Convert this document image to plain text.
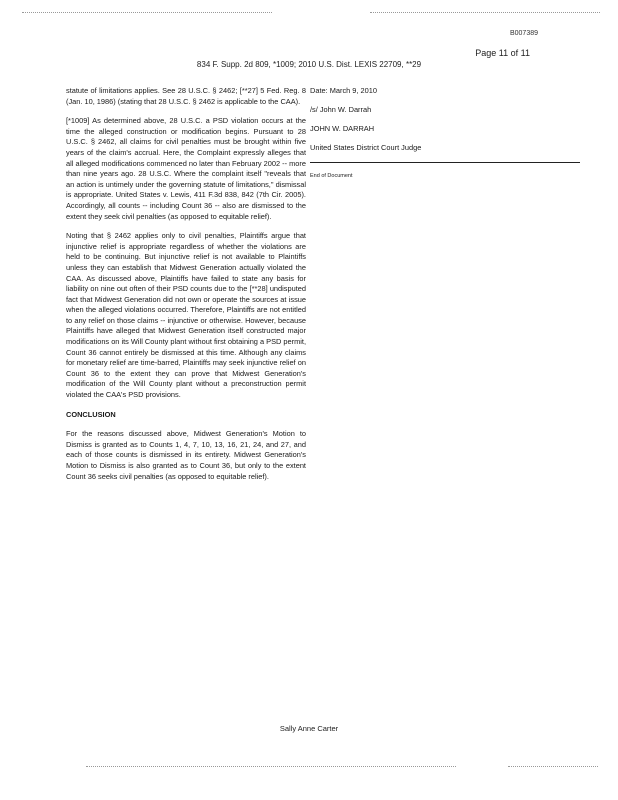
B007389
Page 11 of 11
834 F. Supp. 2d 809, *1009; 2010 U.S. Dist. LEXIS 22709, **29

statute of limitations applies. See 28 U.S.C. § 2462; [**27] 5 Fed. Reg. 8 (Jan. 10, 1986) (stating that 28 U.S.C. § 2462 is applicable to the CAA).

[*1009] As determined above, 28 U.S.C. a PSD violation occurs at the time the alleged construction or modification begins. Pursuant to 28 U.S.C. § 2462, all claims for civil penalties must be brought within five years of the claim's accrual. Here, the Complaint expressly alleges that all alleged modifications commenced no later than February 2002 -- more than nine years ago. 28 U.S.C. Where the complaint itself "reveals that an action is untimely under the governing statute of limitations," dismissal is appropriate. United States v. Lewis, 411 F.3d 838, 842 (7th Cir. 2005). Accordingly, all counts -- including Count 36 -- also are dismissed to the extent they seek civil penalties (as opposed to equitable relief).

Noting that § 2462 applies only to civil penalties, Plaintiffs argue that injunctive relief is appropriate regardless of whether the violations are held to be continuing. But injunctive relief is not available to Plaintiffs unless they can establish that Midwest Generation actually violated the CAA. As discussed above, Plaintiffs have failed to state any basis for liability on nine out often of their PSD counts due to the [**28] undisputed fact that Midwest Generation did not own or operate the sources at issue when the alleged violations occurred. Therefore, Plaintiffs are not entitled to any relief on those claims -- injunctive or otherwise. However, because Plaintiffs have alleged that Midwest Generation itself constructed major modifications on its Will County plant without first obtaining a PSD permit, Count 36 cannot entirely be dismissed at this time. Although any claims for monetary relief are time-barred, Plaintiffs may seek injunctive relief on Count 36 to the extent they can prove that Midwest Generation's modification of the Will County plant without a preconstruction permit violated the CAA's PSD provisions.

CONCLUSION

For the reasons discussed above, Midwest Generation's Motion to Dismiss is granted as to Counts 1, 4, 7, 10, 13, 16, 21, 24, and 27, and each of those counts is dismissed in its entirety. Midwest Generation's Motion to Dismiss is also granted as to Count 36, but only to the extent Count 36 seeks civil penalties (as opposed to equitable relief).

Date: March 9, 2010
/s/ John W. Darrah
JOHN W. DARRAH
United States District Court Judge
End of Document
Sally Anne Carter
